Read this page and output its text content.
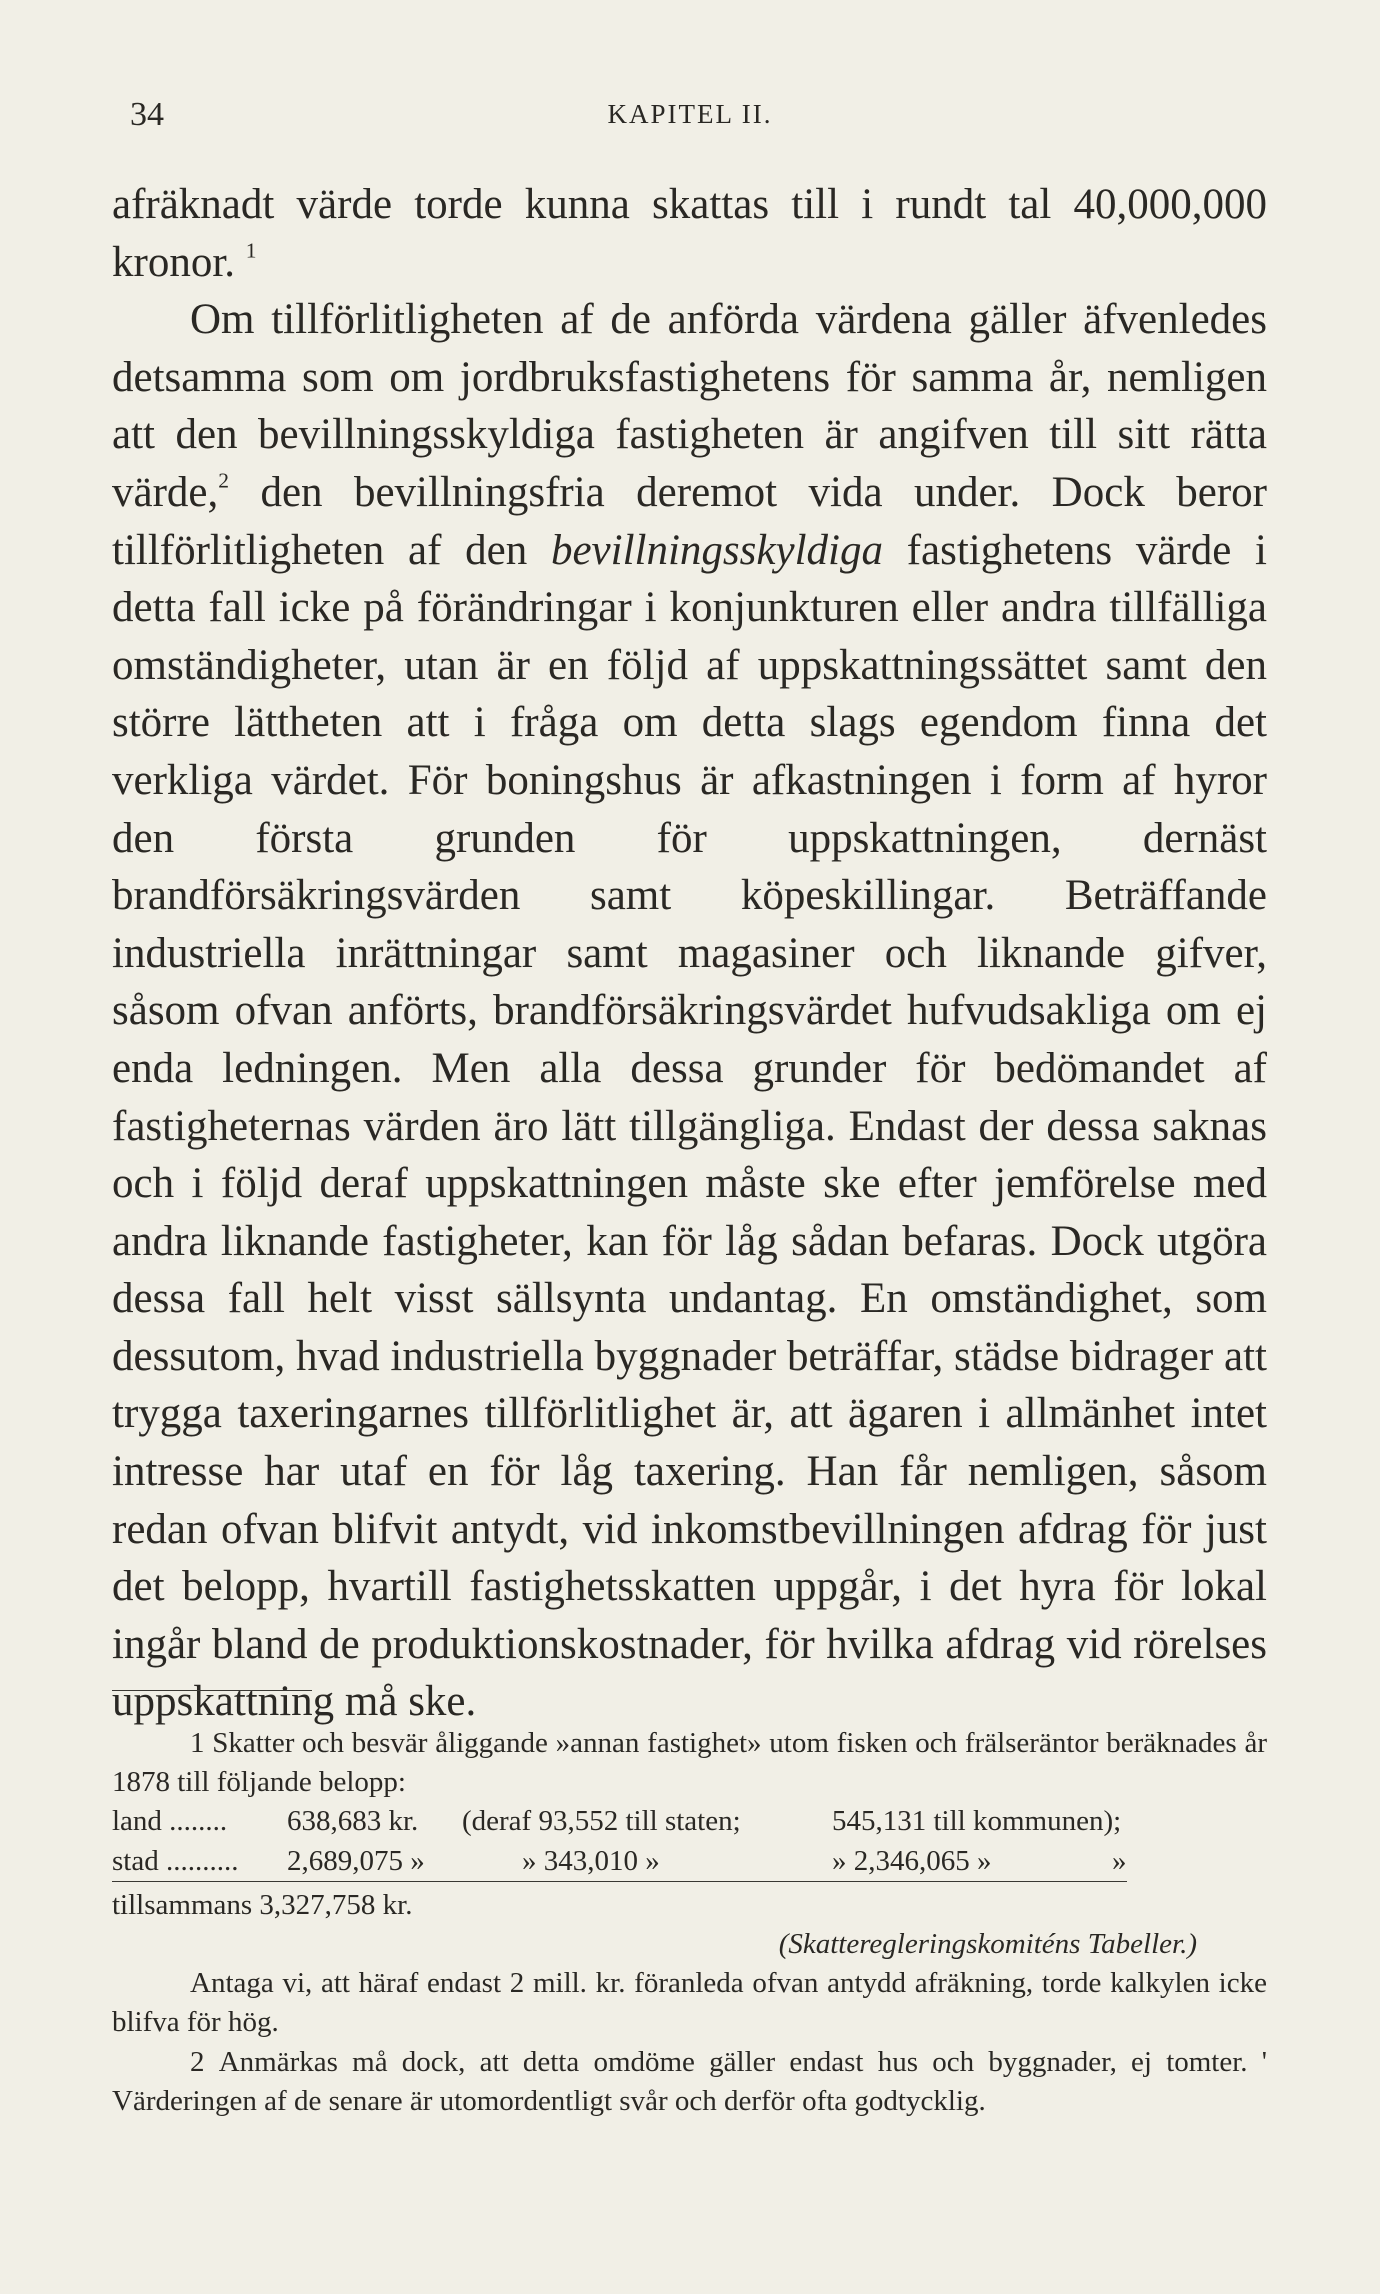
34	KAPITEL II.

afräknadt värde torde kunna skattas till i rundt tal 40,000,000 kronor. $^1$

Om tillförlitligheten af de anförda värdena gäller äfvenledes detsamma som om jordbruksfastighetens för samma år, nemligen att den bevillningsskyldiga fastigheten är angifven till sitt rätta värde,$^2$ den bevillningsfria deremot vida under. Dock beror tillförlitligheten af den bevillningsskyldiga fastighetens värde i detta fall icke på förändringar i konjunkturen eller andra tillfälliga omständigheter, utan är en följd af uppskattningssättet samt den större lättheten att i fråga om detta slags egendom finna det verkliga värdet. För boningshus är afkastningen i form af hyror den första grunden för uppskattningen, dernäst brandförsäkringsvärden samt köpeskillingar. Beträffande industriella inrättningar samt magasiner och liknande gifver, såsom ofvan anförts, brandförsäkringsvärdet hufvudsakliga om ej enda ledningen. Men alla dessa grunder för bedömandet af fastigheternas värden äro lätt tillgängliga. Endast der dessa saknas och i följd deraf uppskattningen måste ske efter jemförelse med andra liknande fastigheter, kan för låg sådan befaras. Dock utgöra dessa fall helt visst sällsynta undantag. En omständighet, som dessutom, hvad industriella byggnader beträffar, städse bidrager att trygga taxeringarnes tillförlitlighet är, att ägaren i allmänhet intet intresse har utaf en för låg taxering. Han får nemligen, såsom redan ofvan blifvit antydt, vid inkomstbevillningen afdrag för just det belopp, hvartill fastighetsskatten uppgår, i det hyra för lokal ingår bland de produktionskostnader, för hvilka afdrag vid rörelses uppskattning må ske.

1 Skatter och besvär åliggande »annan fastighet» utom fisken och frälseräntor beräknades år 1878 till följande belopp:

land ........	638,683 kr.	(deraf 93,552 till staten;	545,131 till kommunen);	
stad ..........	2,689,075 »	» 343,010 »	» 2,346,065 »	»

tillsammans 3,327,758 kr.

(Skatteregleringskomiténs Tabeller.)

Antaga vi, att häraf endast 2 mill. kr. föranleda ofvan antydd afräkning, torde kalkylen icke blifva för hög.

2 Anmärkas må dock, att detta omdöme gäller endast hus och byggnader, ej tomter. ' Värderingen af de senare är utomordentligt svår och derför ofta godtycklig.
